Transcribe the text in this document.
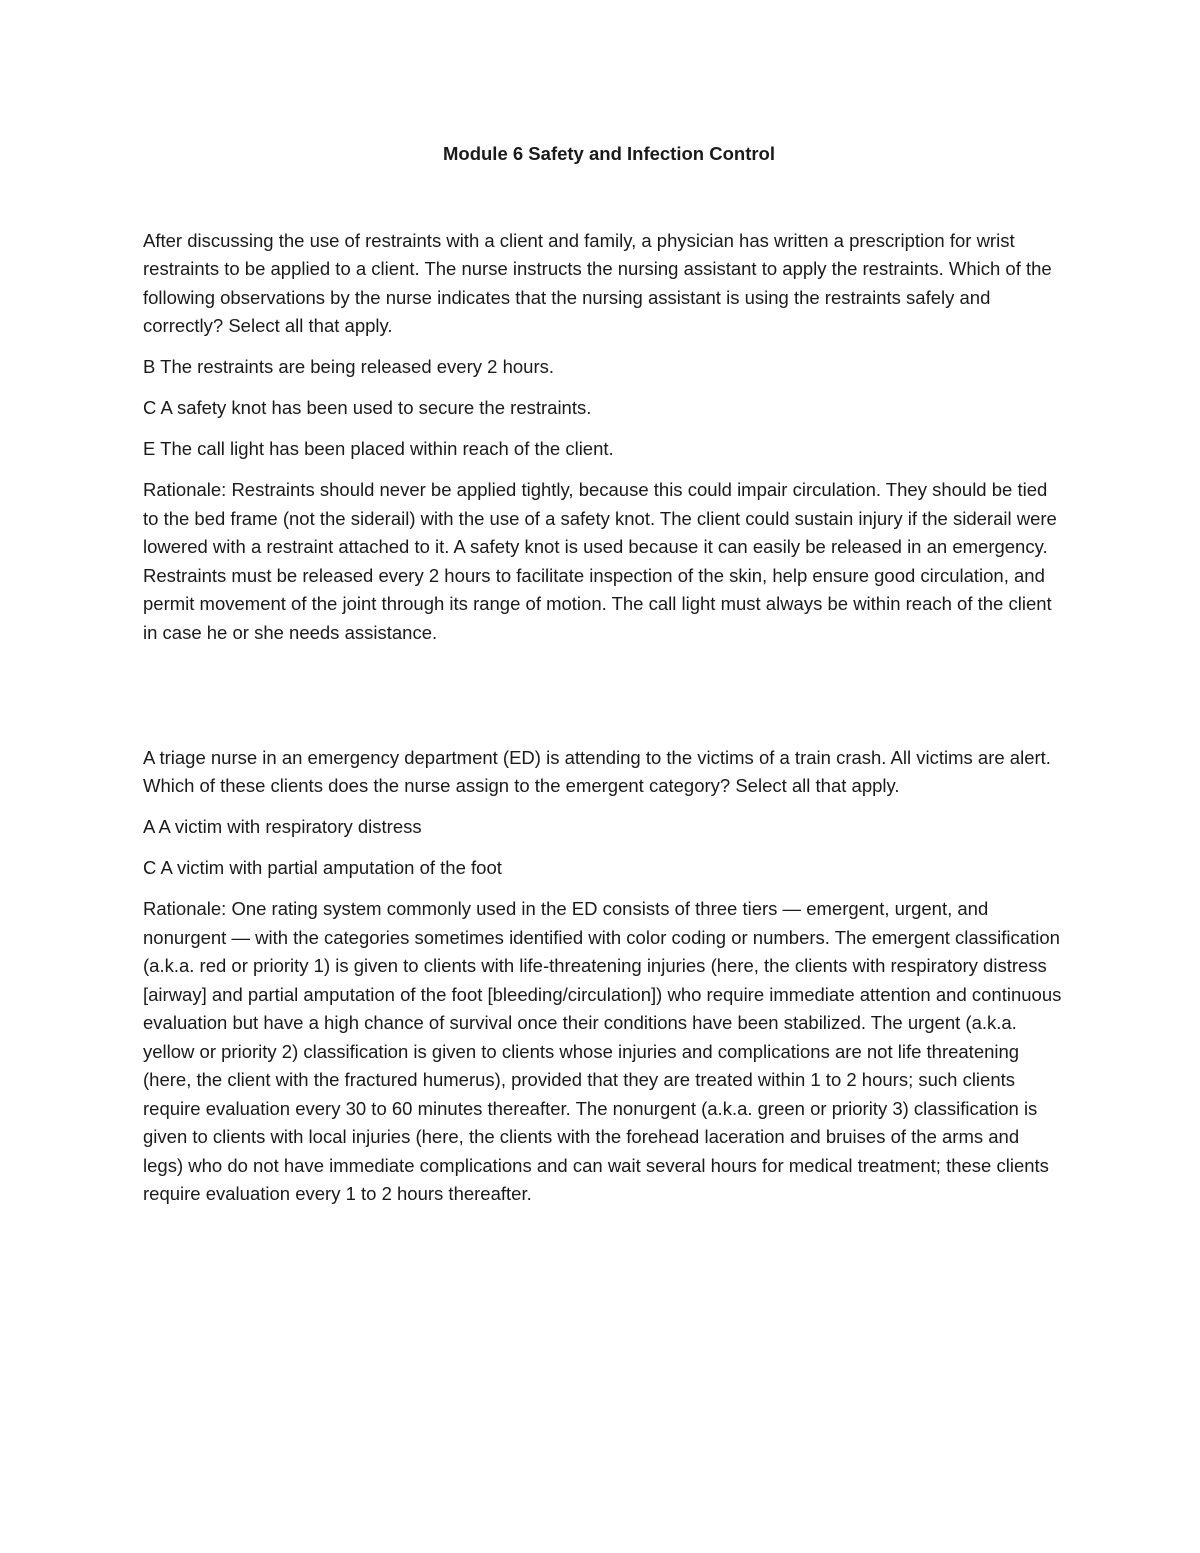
Module 6 Safety and Infection Control

After discussing the use of restraints with a client and family, a physician has written a prescription for wrist restraints to be applied to a client. The nurse instructs the nursing assistant to apply the restraints. Which of the following observations by the nurse indicates that the nursing assistant is using the restraints safely and correctly? Select all that apply.

B The restraints are being released every 2 hours.

C A safety knot has been used to secure the restraints.

E The call light has been placed within reach of the client.

Rationale: Restraints should never be applied tightly, because this could impair circulation. They should be tied to the bed frame (not the siderail) with the use of a safety knot. The client could sustain injury if the siderail were lowered with a restraint attached to it. A safety knot is used because it can easily be released in an emergency. Restraints must be released every 2 hours to facilitate inspection of the skin, help ensure good circulation, and permit movement of the joint through its range of motion. The call light must always be within reach of the client in case he or she needs assistance.

A triage nurse in an emergency department (ED) is attending to the victims of a train crash. All victims are alert. Which of these clients does the nurse assign to the emergent category? Select all that apply.

A A victim with respiratory distress

C A victim with partial amputation of the foot

Rationale: One rating system commonly used in the ED consists of three tiers — emergent, urgent, and nonurgent — with the categories sometimes identified with color coding or numbers. The emergent classification (a.k.a. red or priority 1) is given to clients with life-threatening injuries (here, the clients with respiratory distress [airway] and partial amputation of the foot [bleeding/circulation]) who require immediate attention and continuous evaluation but have a high chance of survival once their conditions have been stabilized. The urgent (a.k.a. yellow or priority 2) classification is given to clients whose injuries and complications are not life threatening (here, the client with the fractured humerus), provided that they are treated within 1 to 2 hours; such clients require evaluation every 30 to 60 minutes thereafter. The nonurgent (a.k.a. green or priority 3) classification is given to clients with local injuries (here, the clients with the forehead laceration and bruises of the arms and legs) who do not have immediate complications and can wait several hours for medical treatment; these clients require evaluation every 1 to 2 hours thereafter.
